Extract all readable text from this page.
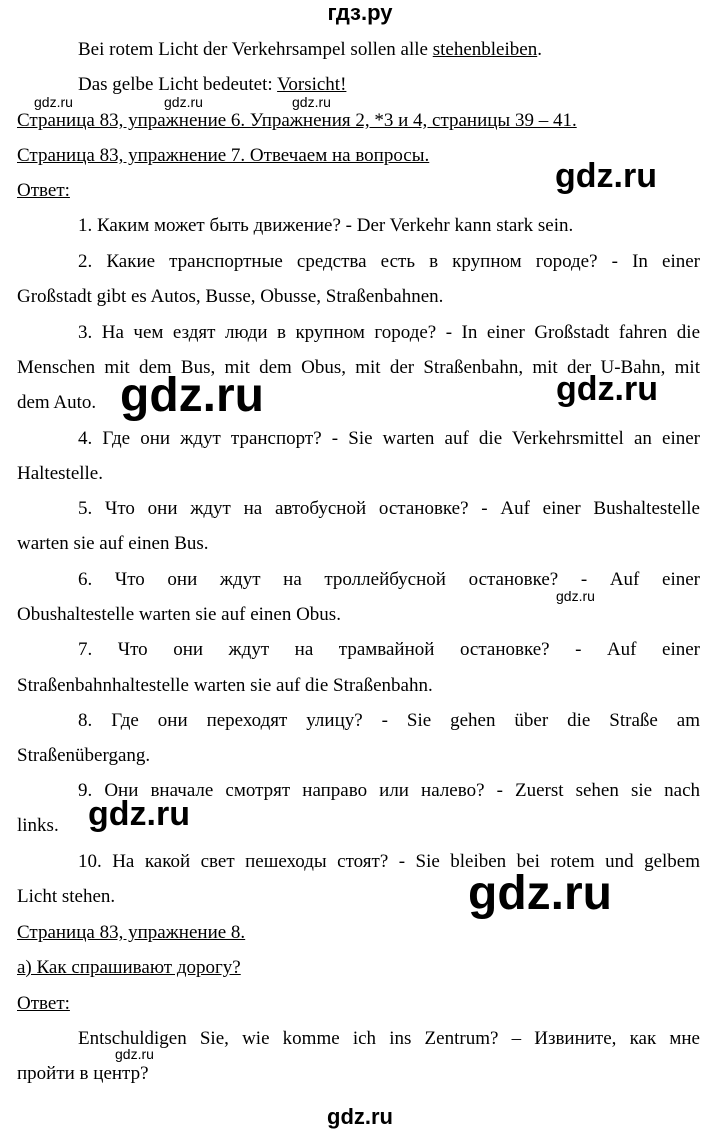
гдз.ру
Bei rotem Licht der Verkehrsampel sollen alle stehenbleiben.
Das gelbe Licht bedeutet: Vorsicht!
gdz.ru	gdz.ru	gdz.ru
Страница 83, упражнение 6. Упражнения 2, *3 и 4, страницы 39 – 41.
Страница 83, упражнение 7. Отвечаем на вопросы.
gdz.ru
Ответ:
1. Каким может быть движение? - Der Verkehr kann stark sein.
2. Какие транспортные средства есть в крупном городе? - In einer
Großstadt gibt es Autos, Busse, Obusse, Straßenbahnen.
3. На чем ездят люди в крупном городе? - In einer Großstadt fahren die
Menschen mit dem Bus, mit dem Obus, mit der Straßenbahn, mit der U-Bahn, mit
dem Auto. gdz.ru	gdz.ru
4. Где они ждут транспорт? - Sie warten auf die Verkehrsmittel an einer
Haltestelle.
5. Что они ждут на автобусной остановке? - Auf einer Bushaltestelle
warten sie auf einen Bus.
6. Что они ждут на троллейбусной остановке? - Auf einer
Obushaltestelle warten sie auf einen Obus.
gdz.ru
7. Что они ждут на трамвайной остановке? - Auf einer
Straßenbahnhaltestelle warten sie auf die Straßenbahn.
8. Где они переходят улицу? - Sie gehen über die Straße am
Straßenübergang.
9. Они вначале смотрят направо или налево? - Zuerst sehen sie nach
links. gdz.ru
10. На какой свет пешеходы стоят? - Sie bleiben bei rotem und gelbem
Licht stehen.	gdz.ru
Страница 83, упражнение 8.
а) Как спрашивают дорогу?
Ответ:
Entschuldigen Sie, wie komme ich ins Zentrum? – Извините, как мне
gdz.ru
пройти в центр?
gdz.ru
